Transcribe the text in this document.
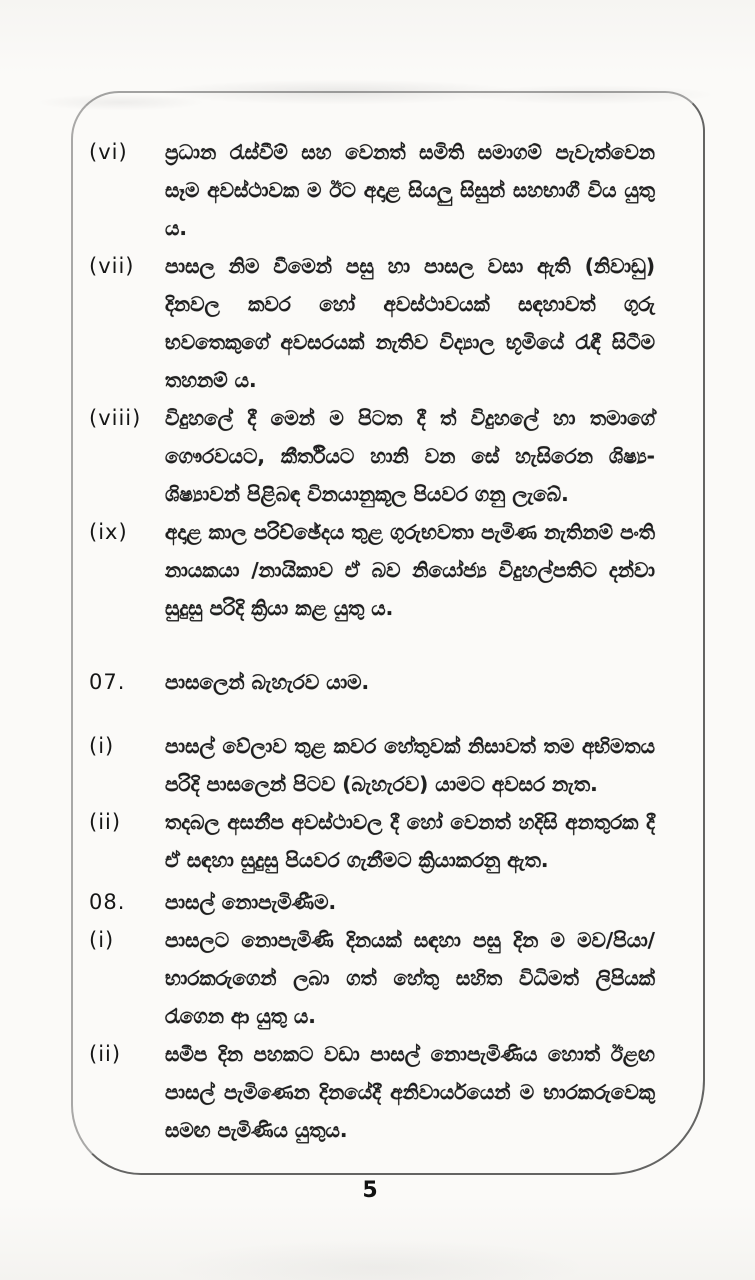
(vi)	ප්‍රධාන රැස්වීම් සහ වෙනත් සමිති සමාගම් පැවැත්වෙන සෑම අවස්ථාවක ම ඊට අදාළ සියලු සිසුන් සහභාගී විය යුතු ය.
(vii)	පාසල නිම වීමෙන් පසු හා පාසල වසා ඇති (නිවාඩු) දිනවල කවර හෝ අවස්ථාවයක් සඳහාවත් ගුරු භවතෙකුගේ අවසරයක් නැතිව විද්‍යාල භූමියේ රැඳී සිටීම තහනම් ය.
(viii)	විදුහලේ දී මෙන් ම පිටත දී ත් විදුහලේ හා තමාගේ ගෞරවයට, කීර්තියට හානි වන සේ හැසිරෙන ශිෂ්‍ය-ශිෂ්‍යාවන් පිළිබඳ විනයානුකූල පියවර ගනු ලැබේ.
(ix)	අදාළ කාල පරිච්ඡේදය තුළ ගුරුභවතා පැමිණ නැතිනම් පංති නායකයා /නායිකාව ඒ බව නියෝජ්‍ය විදුහල්පතිට දන්වා සුදුසු පරිදි ක්‍රියා කළ යුතු ය.
07.	පාසලෙන් බැහැරව යාම.
(i)	පාසල් වේලාව තුළ කවර හේතුවක් නිසාවත් තම අභිමතය පරිදි පාසලෙන් පිටව (බැහැරව) යාමට අවසර නැත.
(ii)	තදබල අසනීප අවස්ථාවල දී හෝ වෙනත් හදිසි අනතුරක දී ඒ සඳහා සුදුසු පියවර ගැනීමට ක්‍රියාකරනු ඇත.
08.	පාසල් නොපැමිණීම.
(i)	පාසලට නොපැමිණි දිනයක් සඳහා පසු දින ම මව/පියා/භාරකරුගෙන් ලබා ගත් හේතු සහිත විධිමත් ලිපියක් රැගෙන ආ යුතු ය.
(ii)	සමීප දින පහකට වඩා පාසල් නොපැමිණිය හොත් ඊළඟ පාසල් පැමිණෙන දිනයේදී අනිවාර්යයෙන් ම භාරකරුවෙකු සමඟ පැමිණිය යුතුය.
5
